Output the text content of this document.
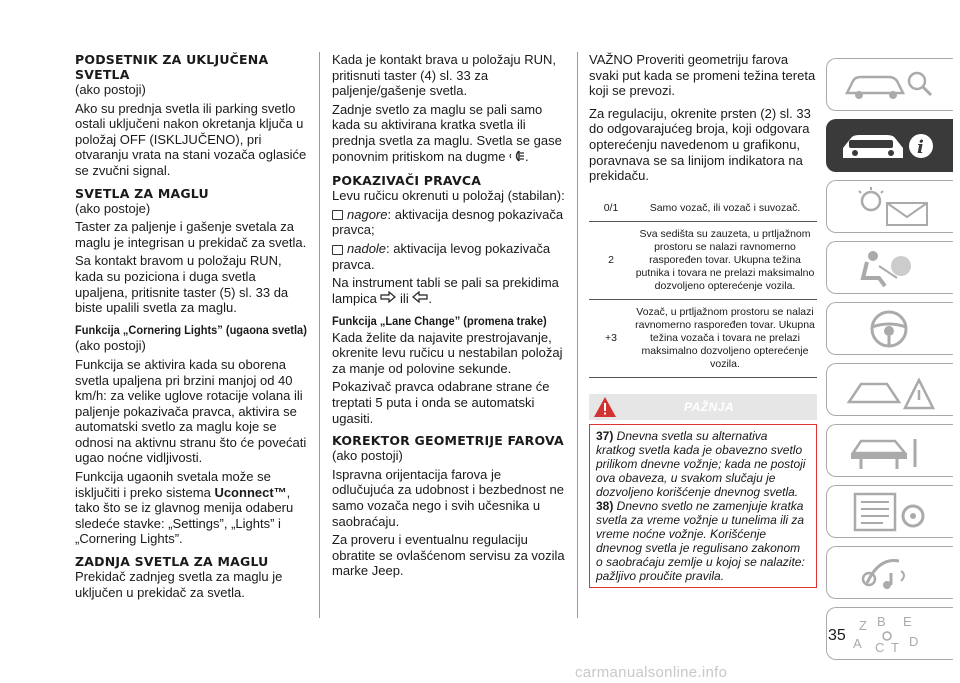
PODSETNIK ZA UKLJUČENA SVETLA

(ako postoji)

Ako su prednja svetla ili parking svetlo ostali uključeni nakon okretanja ključa u položaj OFF (ISKLJUČENO), pri otvaranju vrata na stani vozača oglasiće se zvučni signal.

SVETLA ZA MAGLU

(ako postoje)

Taster za paljenje i gašenje svetala za maglu je integrisan u prekidač za svetla.

Sa kontakt bravom u položaju RUN, kada su poziciona i duga svetla upaljena, pritisnite taster (5) sl. 33 da biste upalili svetla za maglu.

Funkcija „Cornering Lights” (ugaona svetla)

(ako postoji)

Funkcija se aktivira kada su oborena svetla upaljena pri brzini manjoj od 40 km/h: za velike uglove rotacije volana ili paljenje pokazivača pravca, aktivira se automatski svetlo za maglu koje se odnosi na aktivnu stranu što će povećati ugao noćne vidljivosti.

Funkcija ugaonih svetala može se isključiti i preko sistema Uconnect™, tako što se iz glavnog menija odaberu sledeće stavke: „Settings”, „Lights” i „Cornering Lights”.

ZADNJA SVETLA ZA MAGLU

Prekidač zadnjeg svetla za maglu je uključen u prekidač za svetla.

Kada je kontakt brava u položaju RUN, pritisnuti taster (4) sl. 33 za paljenje/gašenje svetla.

Zadnje svetlo za maglu se pali samo kada su aktivirana kratka svetla ili prednja svetla za maglu. Svetla se gase ponovnim pritiskom na dugme .

POKAZIVAČI PRAVCA

Levu ručicu okrenuti u položaj (stabilan):

nagore: aktivacija desnog pokazivača pravca;

nadole: aktivacija levog pokazivača pravca.

Na instrument tabli se pali sa prekidima lampica ili .

Funkcija „Lane Change” (promena trake)

Kada želite da najavite prestrojavanje, okrenite levu ručicu u nestabilan položaj za manje od polovine sekunde.

Pokazivač pravca odabrane strane će treptati 5 puta i onda se automatski ugasiti.

KOREKTOR GEOMETRIJE FAROVA

(ako postoji)

Ispravna orijentacija farova je odlučujuća za udobnost i bezbednost ne samo vozača nego i svih učesnika u saobraćaju.

Za proveru i eventualnu regulaciju obratite se ovlašćenom servisu za vozila marke Jeep.

VAŽNO Proveriti geometriju farova svaki put kada se promeni težina tereta koji se prevozi.

Za regulaciju, okrenite prsten (2) sl. 33 do odgovarajućeg broja, koji odgovara opterećenju navedenom u grafikonu, poravnava se sa linijom indikatora na prekidaču.

0/1	Samo vozač, ili vozač i suvozač.
2	Sva sedišta su zauzeta, u prtljažnom prostoru se nalazi ravnomerno raspoređen tovar. Ukupna težina putnika i tovara ne prelazi maksimalno dozvoljeno opterećenje vozila.
+3	Vozač, u prtljažnom prostoru se nalazi ravnomerno raspoređen tovar. Ukupna težina vozača i tovara ne prelazi maksimalno dozvoljeno opterećenje vozila.
PAŽNJA
37) Dnevna svetla su alternativa kratkog svetla kada je obavezno svetlo prilikom dnevne vožnje; kada ne postoji ova obaveza, u svakom slučaju je dozvoljeno korišćenje dnevnog svetla.
38) Dnevno svetlo ne zamenjuje kratka svetla za vreme vožnje u tunelima ili za vreme noćne vožnje. Korišćenje dnevnog svetla je regulisano zakonom o saobraćaju zemlje u kojoj se nalazite: pažljivo proučite pravila.
i
Z B E
A C T D
35
carmanualsonline.info
